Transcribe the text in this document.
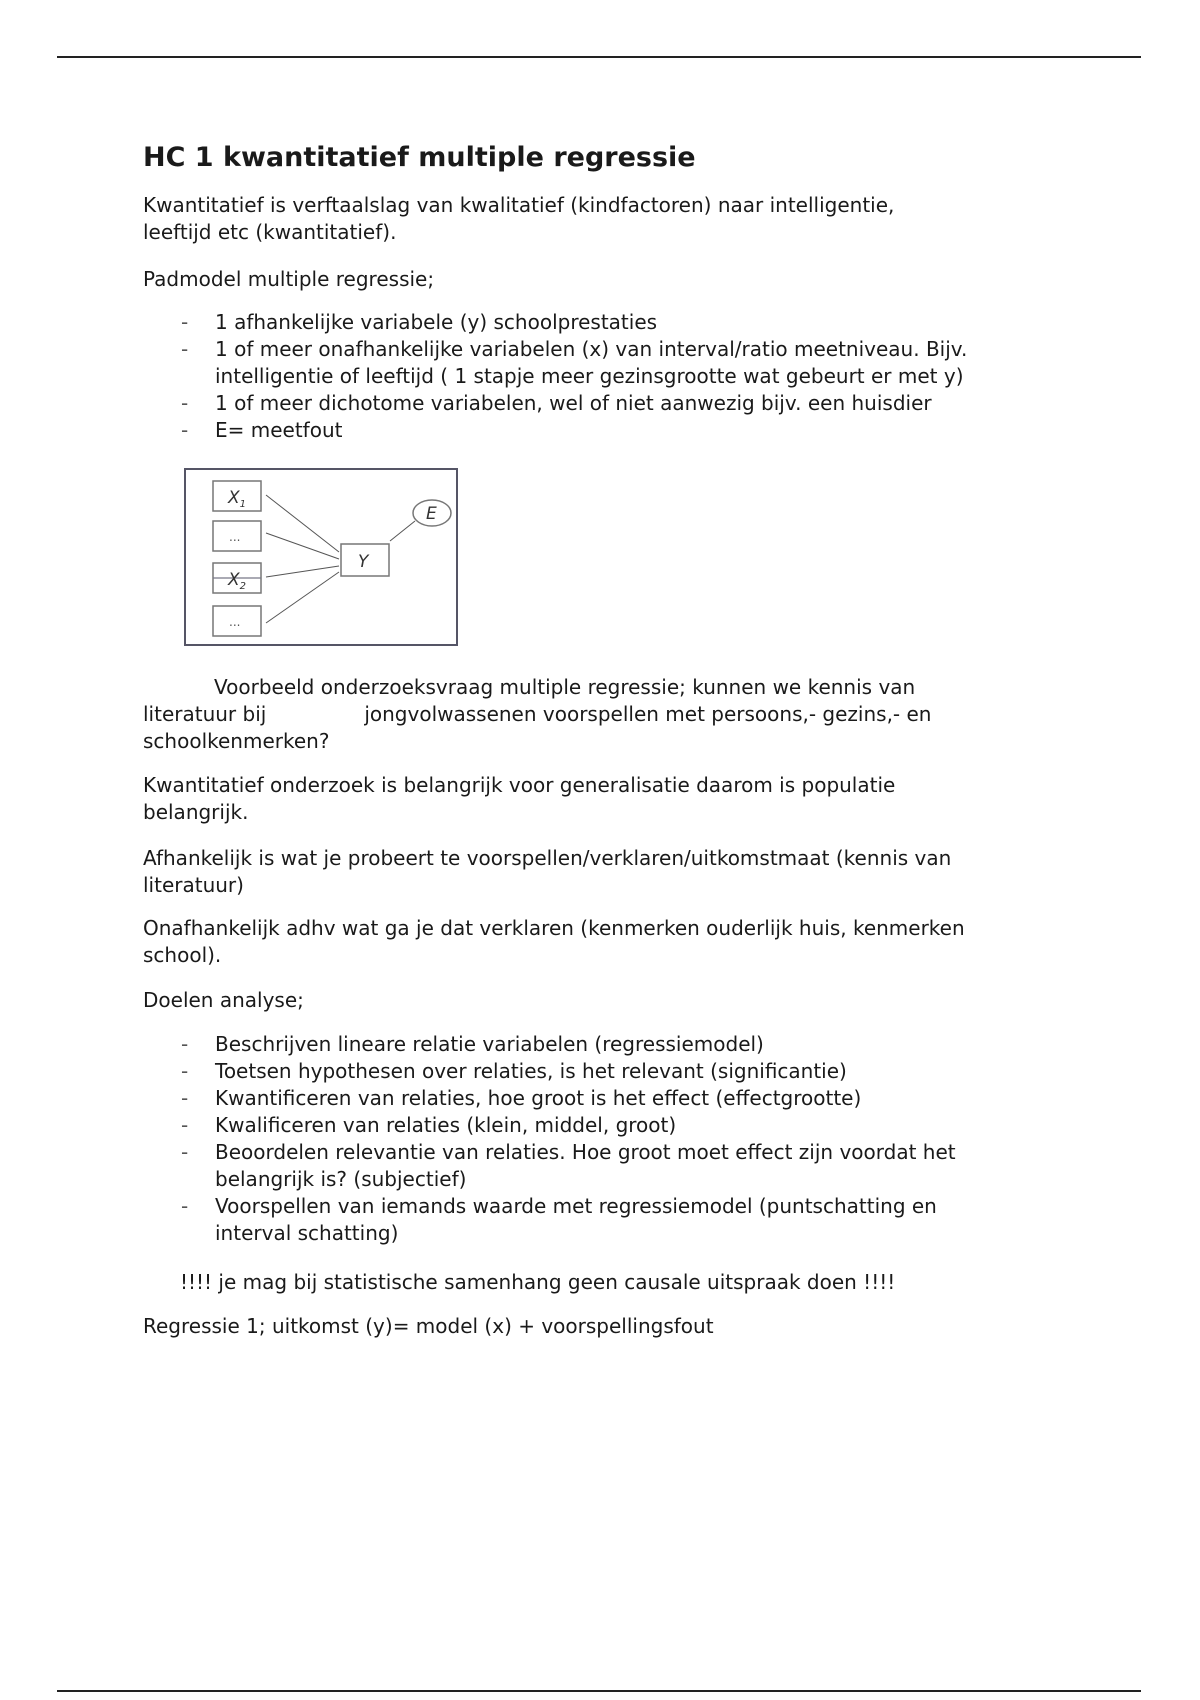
HC 1 kwantitatief multiple regressie

Kwantitatief is verftaalslag van kwalitatief (kindfactoren) naar intelligentie,
leeftijd etc (kwantitatief).

Padmodel multiple regressie;

- 1 afhankelijke variabele (y) schoolprestaties
- 1 of meer onafhankelijke variabelen (x) van interval/ratio meetniveau. Bijv.
intelligentie of leeftijd ( 1 stapje meer gezinsgrootte wat gebeurt er met y)
- 1 of meer dichotome variabelen, wel of niet aanwezig bijv. een huisdier
- E= meetfout
$X_1$
$X_2$
Y
E
...
...

Voorbeeld onderzoeksvraag multiple regressie; kunnen we kennis van
literatuur bij	jongvolwassenen voorspellen met persoons,- gezins,- en
schoolkenmerken?

Kwantitatief onderzoek is belangrijk voor generalisatie daarom is populatie
belangrijk.

Afhankelijk is wat je probeert te voorspellen/verklaren/uitkomstmaat (kennis van
literatuur)

Onafhankelijk adhv wat ga je dat verklaren (kenmerken ouderlijk huis, kenmerken
school).

Doelen analyse;

- Beschrijven lineare relatie variabelen (regressiemodel)
- Toetsen hypothesen over relaties, is het relevant (significantie)
- Kwantificeren van relaties, hoe groot is het effect (effectgrootte)
- Kwalificeren van relaties (klein, middel, groot)
- Beoordelen relevantie van relaties. Hoe groot moet effect zijn voordat het
belangrijk is? (subjectief)
- Voorspellen van iemands waarde met regressiemodel (puntschatting en
interval schatting)

!!!! je mag bij statistische samenhang geen causale uitspraak doen !!!!

Regressie 1; uitkomst (y)= model (x) + voorspellingsfout
